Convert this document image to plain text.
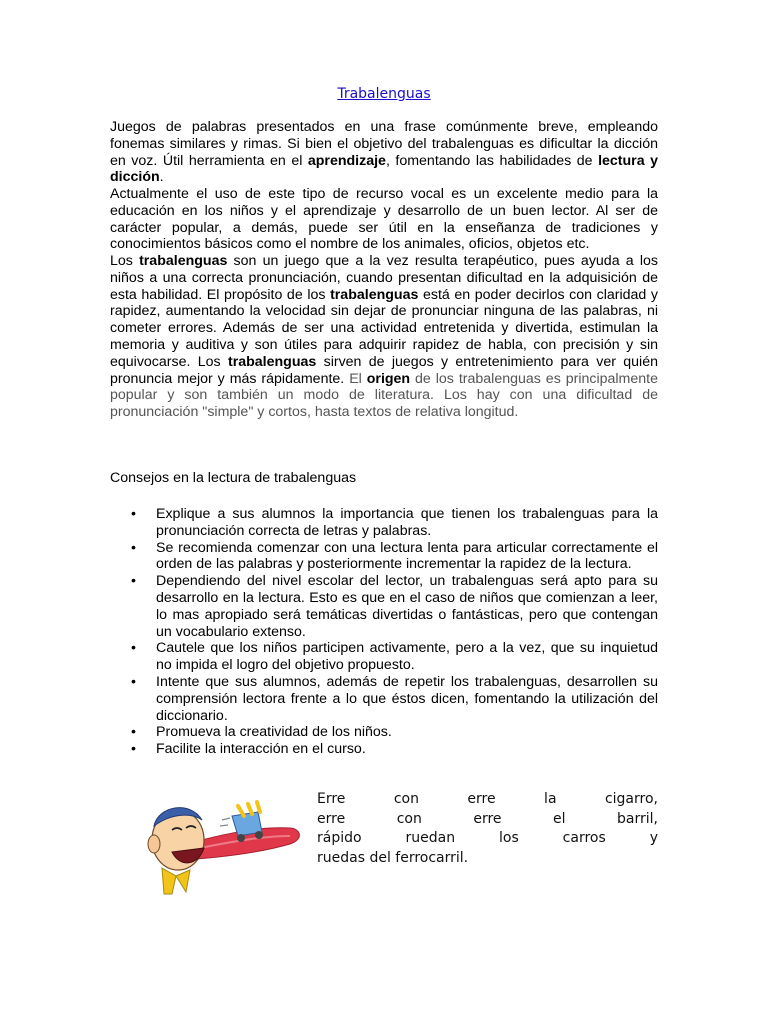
Trabalenguas

Juegos de palabras presentados en una frase comúnmente breve, empleando fonemas similares y rimas. Si bien el objetivo del trabalenguas es dificultar la dicción en voz. Útil herramienta en el aprendizaje, fomentando las habilidades de lectura y dicción.

Actualmente el uso de este tipo de recurso vocal es un excelente medio para la educación en los niños y el aprendizaje y desarrollo de un buen lector. Al ser de carácter popular, a demás, puede ser útil en la enseñanza de tradiciones y conocimientos básicos como el nombre de los animales, oficios, objetos etc.

Los trabalenguas son un juego que a la vez resulta terapéutico, pues ayuda a los niños a una correcta pronunciación, cuando presentan dificultad en la adquisición de esta habilidad. El propósito de los trabalenguas está en poder decirlos con claridad y rapidez, aumentando la velocidad sin dejar de pronunciar ninguna de las palabras, ni cometer errores. Además de ser una actividad entretenida y divertida, estimulan la memoria y auditiva y son útiles para adquirir rapidez de habla, con precisión y sin equivocarse. Los trabalenguas sirven de juegos y entretenimiento para ver quién pronuncia mejor y más rápidamente. El origen de los trabalenguas es principalmente popular y son también un modo de literatura. Los hay con una dificultad de pronunciación "simple" y cortos, hasta textos de relativa longitud.

Consejos en la lectura de trabalenguas
• Explique a sus alumnos la importancia que tienen los trabalenguas para la pronunciación correcta de letras y palabras.
• Se recomienda comenzar con una lectura lenta para articular correctamente el orden de las palabras y posteriormente incrementar la rapidez de la lectura.
• Dependiendo del nivel escolar del lector, un trabalenguas será apto para su desarrollo en la lectura. Esto es que en el caso de niños que comienzan a leer, lo mas apropiado será temáticas divertidas o fantásticas, pero que contengan un vocabulario extenso.
• Cautele que los niños participen activamente, pero a la vez, que su inquietud no impida el logro del objetivo propuesto.
• Intente que sus alumnos, además de repetir los trabalenguas, desarrollen su comprensión lectora frente a lo que éstos dicen, fomentando la utilización del diccionario.
• Promueva la creatividad de los niños.
• Facilite la interacción en el curso.
Erre con erre la cigarro,
erre con erre el barril,
rápido ruedan los carros y
ruedas del ferrocarril.
